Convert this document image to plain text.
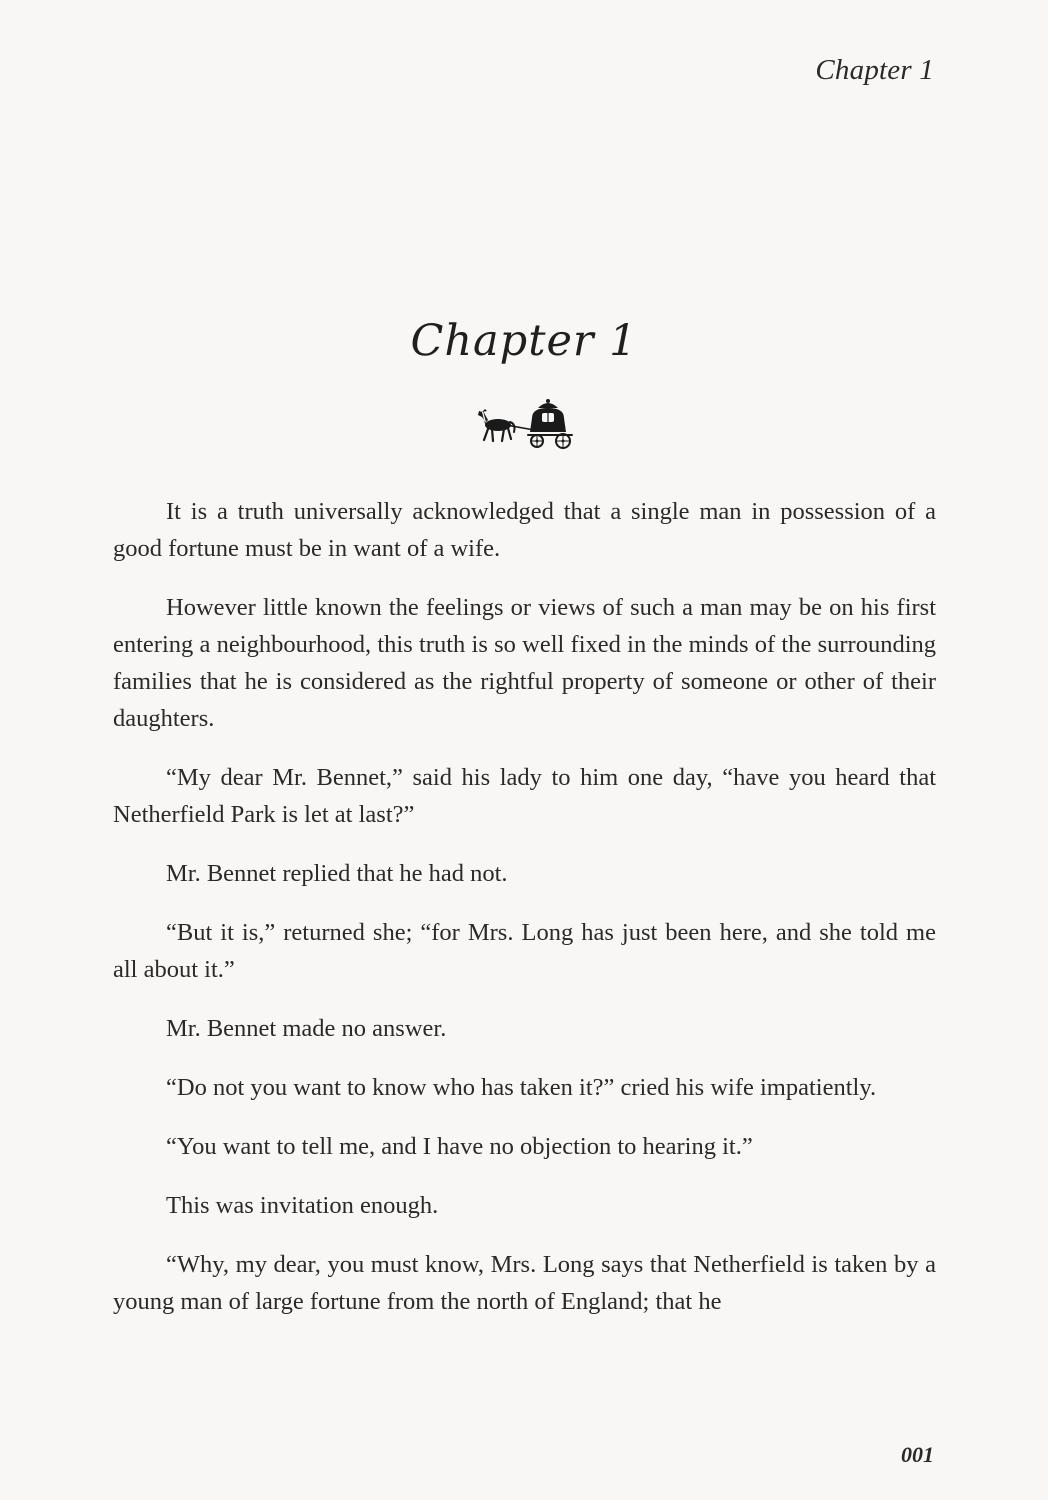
Chapter 1
Chapter 1

It is a truth universally acknowledged that a single man in possession of a good fortune must be in want of a wife.

However little known the feelings or views of such a man may be on his first entering a neighbourhood, this truth is so well fixed in the minds of the surrounding families that he is considered as the rightful property of someone or other of their daughters.

“My dear Mr. Bennet,” said his lady to him one day, “have you heard that Netherfield Park is let at last?”

Mr. Bennet replied that he had not.

“But it is,” returned she; “for Mrs. Long has just been here, and she told me all about it.”

Mr. Bennet made no answer.

“Do not you want to know who has taken it?” cried his wife impatiently.

“You want to tell me, and I have no objection to hearing it.”

This was invitation enough.

“Why, my dear, you must know, Mrs. Long says that Netherfield is taken by a young man of large fortune from the north of England; that he

001
